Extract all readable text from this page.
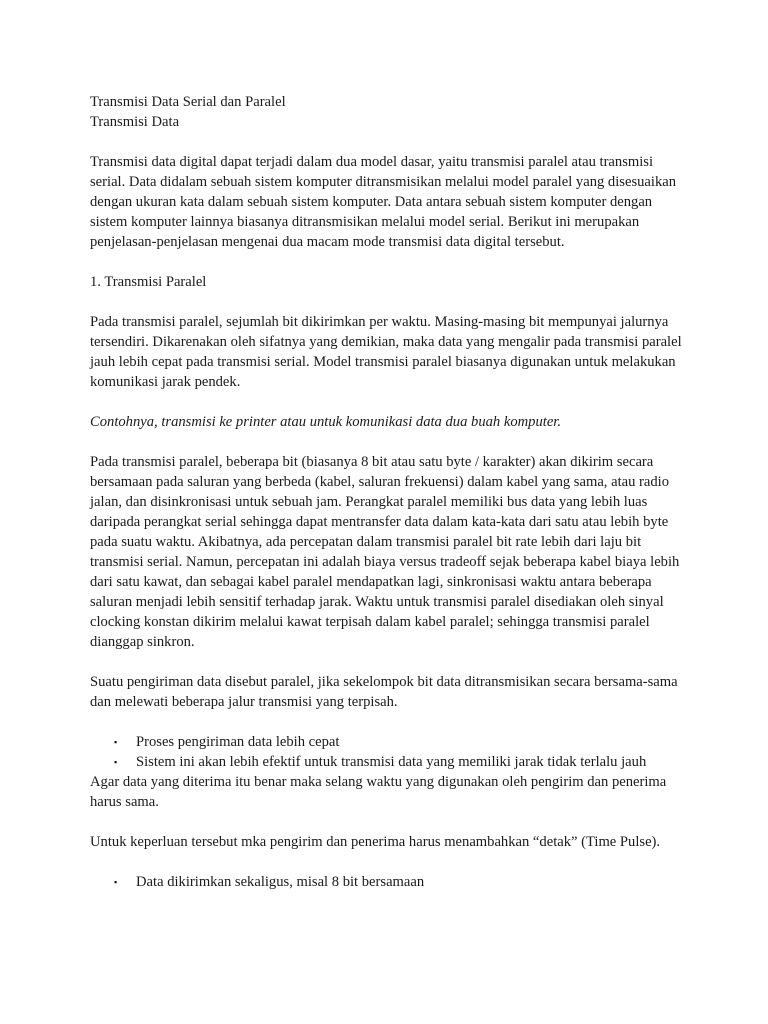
Transmisi Data Serial dan Paralel

Transmisi Data

Transmisi data digital dapat terjadi dalam dua model dasar, yaitu transmisi paralel atau transmisi serial. Data didalam sebuah sistem komputer ditransmisikan melalui model paralel yang disesuaikan dengan ukuran kata dalam sebuah sistem komputer. Data antara sebuah sistem komputer dengan sistem komputer lainnya biasanya ditransmisikan melalui model serial. Berikut ini merupakan penjelasan-penjelasan mengenai dua macam mode transmisi data digital tersebut.

1. Transmisi Paralel

Pada transmisi paralel, sejumlah bit dikirimkan per waktu. Masing-masing bit mempunyai jalurnya tersendiri. Dikarenakan oleh sifatnya yang demikian, maka data yang mengalir pada transmisi paralel jauh lebih cepat pada transmisi serial. Model transmisi paralel biasanya digunakan untuk melakukan komunikasi jarak pendek.

Contohnya, transmisi ke printer atau untuk komunikasi data dua buah komputer.

Pada transmisi paralel, beberapa bit (biasanya 8 bit atau satu byte / karakter) akan dikirim secara bersamaan pada saluran yang berbeda (kabel, saluran frekuensi) dalam kabel yang sama, atau radio jalan, dan disinkronisasi untuk sebuah jam. Perangkat paralel memiliki bus data yang lebih luas daripada perangkat serial sehingga dapat mentransfer data dalam kata-kata dari satu atau lebih byte pada suatu waktu. Akibatnya, ada percepatan dalam transmisi paralel bit rate lebih dari laju bit transmisi serial. Namun, percepatan ini adalah biaya versus tradeoff sejak beberapa kabel biaya lebih dari satu kawat, dan sebagai kabel paralel mendapatkan lagi, sinkronisasi waktu antara beberapa saluran menjadi lebih sensitif terhadap jarak. Waktu untuk transmisi paralel disediakan oleh sinyal clocking konstan dikirim melalui kawat terpisah dalam kabel paralel; sehingga transmisi paralel dianggap sinkron.

Suatu pengiriman data disebut paralel, jika sekelompok bit data ditransmisikan secara bersama-sama dan melewati beberapa jalur transmisi yang terpisah.

▪ Proses pengiriman data lebih cepat
▪ Sistem ini akan lebih efektif untuk transmisi data yang memiliki jarak tidak terlalu jauh

Agar data yang diterima itu benar maka selang waktu yang digunakan oleh pengirim dan penerima harus sama.

Untuk keperluan tersebut mka pengirim dan penerima harus menambahkan “detak” (Time Pulse).

▪ Data dikirimkan sekaligus, misal 8 bit bersamaan
